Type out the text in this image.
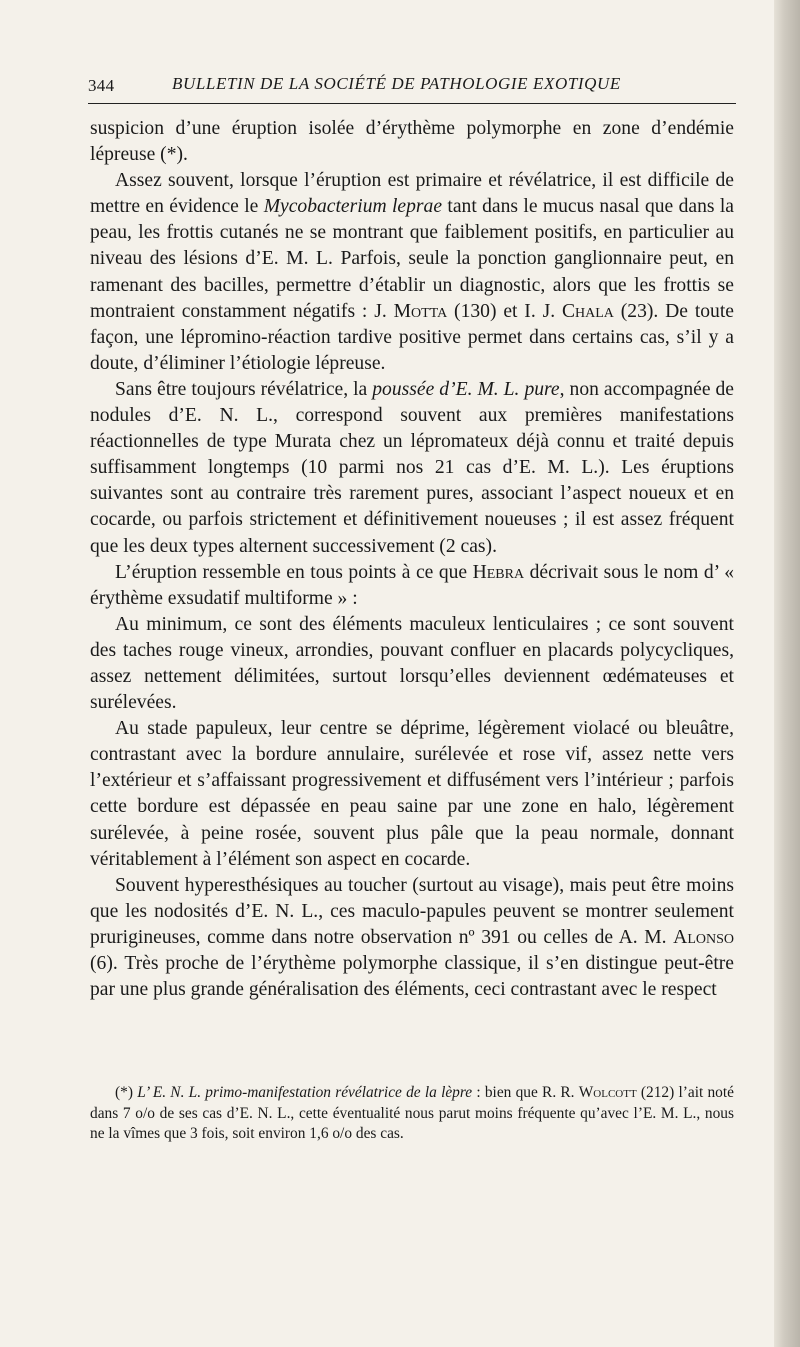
344	BULLETIN DE LA SOCIÉTÉ DE PATHOLOGIE EXOTIQUE

suspicion d’une éruption isolée d’érythème polymorphe en zone d’endémie lépreuse (*).

Assez souvent, lorsque l’éruption est primaire et révélatrice, il est difficile de mettre en évidence le Mycobacterium leprae tant dans le mucus nasal que dans la peau, les frottis cutanés ne se montrant que faiblement positifs, en particulier au niveau des lésions d’E. M. L. Parfois, seule la ponction ganglionnaire peut, en ramenant des bacilles, permettre d’établir un diagnostic, alors que les frottis se montraient constamment négatifs : J. Motta (130) et I. J. Chala (23). De toute façon, une lépromino-réaction tardive positive permet dans certains cas, s’il y a doute, d’éliminer l’étiologie lépreuse.

Sans être toujours révélatrice, la poussée d’E. M. L. pure, non accompagnée de nodules d’E. N. L., correspond souvent aux premières manifestations réactionnelles de type Murata chez un lépromateux déjà connu et traité depuis suffisamment longtemps (10 parmi nos 21 cas d’E. M. L.). Les éruptions suivantes sont au contraire très rarement pures, associant l’aspect noueux et en cocarde, ou parfois strictement et définitivement noueuses ; il est assez fréquent que les deux types alternent successivement (2 cas).

L’éruption ressemble en tous points à ce que Hebra décrivait sous le nom d’ « érythème exsudatif multiforme » :

Au minimum, ce sont des éléments maculeux lenticulaires ; ce sont souvent des taches rouge vineux, arrondies, pouvant confluer en placards polycycliques, assez nettement délimitées, surtout lorsqu’elles deviennent œdémateuses et surélevées.

Au stade papuleux, leur centre se déprime, légèrement violacé ou bleuâtre, contrastant avec la bordure annulaire, surélevée et rose vif, assez nette vers l’extérieur et s’affaissant progressivement et diffusément vers l’intérieur ; parfois cette bordure est dépassée en peau saine par une zone en halo, légèrement surélevée, à peine rosée, souvent plus pâle que la peau normale, donnant véritablement à l’élément son aspect en cocarde.

Souvent hyperesthésiques au toucher (surtout au visage), mais peut être moins que les nodosités d’E. N. L., ces maculo-papules peuvent se montrer seulement prurigineuses, comme dans notre observation nº 391 ou celles de A. M. Alonso (6). Très proche de l’érythème polymorphe classique, il s’en distingue peut-être par une plus grande généralisation des éléments, ceci contrastant avec le respect

(*) L’ E. N. L. primo-manifestation révélatrice de la lèpre : bien que R. R. Wolcott (212) l’ait noté dans 7 o/o de ses cas d’E. N. L., cette éventualité nous parut moins fréquente qu’avec l’E. M. L., nous ne la vîmes que 3 fois, soit environ 1,6 o/o des cas.
